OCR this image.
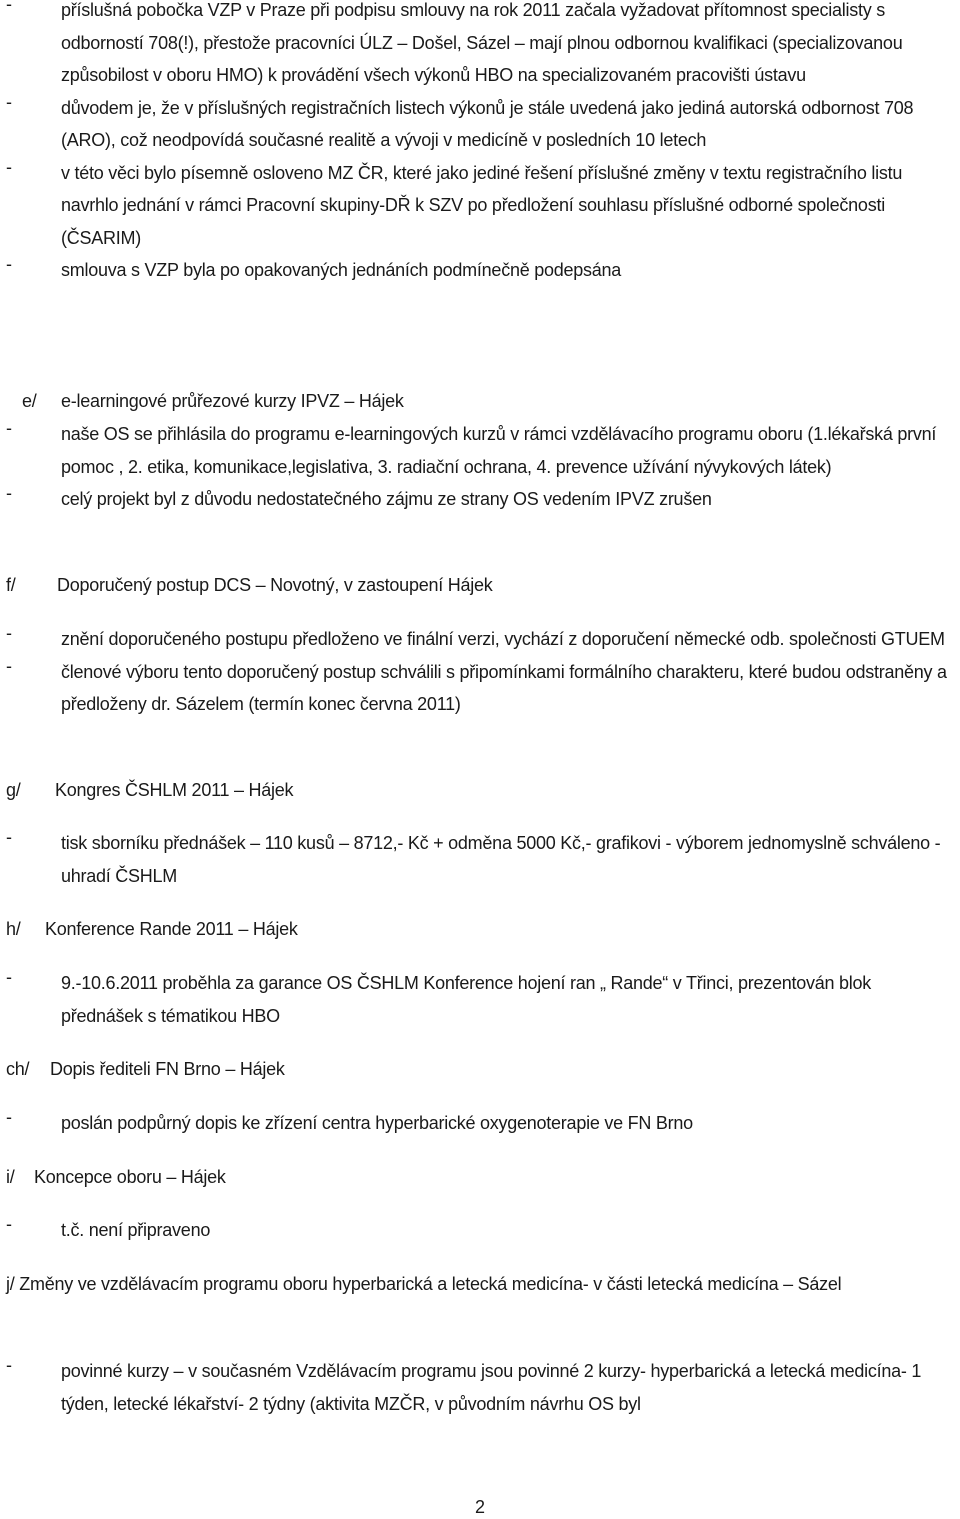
-	příslušná pobočka VZP v Praze při podpisu smlouvy na rok 2011 začala vyžadovat přítomnost specialisty s odborností 708(!), přestože pracovníci ÚLZ – Došel, Sázel – mají plnou odbornou kvalifikaci (specializovanou způsobilost v oboru HMO) k provádění všech výkonů HBO na specializovaném pracovišti ústavu
-	důvodem je, že v příslušných registračních listech výkonů je stále uvedená jako jediná autorská odbornost 708 (ARO), což neodpovídá současné realitě a vývoji v medicíně v posledních 10 letech
-	v této věci bylo písemně osloveno MZ ČR, které jako jediné řešení příslušné změny v textu registračního listu navrhlo jednání v rámci Pracovní skupiny-DŘ k SZV po předložení souhlasu příslušné odborné společnosti (ČSARIM)
-	smlouva s VZP byla po opakovaných jednáních podmínečně podepsána
e/	e-learningové průřezové kurzy IPVZ – Hájek
-	naše OS se přihlásila do programu e-learningových kurzů v rámci vzdělávacího programu oboru (1.lékařská první pomoc , 2. etika, komunikace,legislativa, 3. radiační ochrana, 4. prevence užívání nývykových látek)
-	celý projekt byl z důvodu nedostatečného zájmu ze strany OS vedením IPVZ zrušen
f/	Doporučený postup DCS – Novotný, v zastoupení Hájek
-	znění doporučeného postupu předloženo ve finální verzi, vychází z doporučení německé odb. společnosti GTUEM
-	členové výboru tento doporučený postup schválili s připomínkami formálního charakteru, které budou odstraněny a předloženy dr. Sázelem (termín konec června 2011)
g/	Kongres ČSHLM 2011 – Hájek
-	tisk sborníku přednášek – 110 kusů – 8712,- Kč + odměna 5000 Kč,- grafikovi - výborem jednomyslně schváleno - uhradí ČSHLM
h/	Konference Rande 2011 – Hájek
-	9.-10.6.2011 proběhla za garance OS ČSHLM Konference hojení ran „ Rande“ v Třinci, prezentován blok přednášek s tématikou HBO
ch/	Dopis řediteli FN Brno – Hájek
-	poslán podpůrný dopis ke zřízení centra hyperbarické oxygenoterapie ve FN Brno
i/	Koncepce oboru – Hájek
-	t.č. není připraveno
j/ Změny ve vzdělávacím programu oboru hyperbarická a letecká medicína- v části letecká medicína – Sázel
-	povinné kurzy – v současném Vzdělávacím programu jsou povinné 2 kurzy- hyperbarická a letecká medicína- 1 týden, letecké lékařství- 2 týdny (aktivita MZČR, v původním návrhu OS byl
2
